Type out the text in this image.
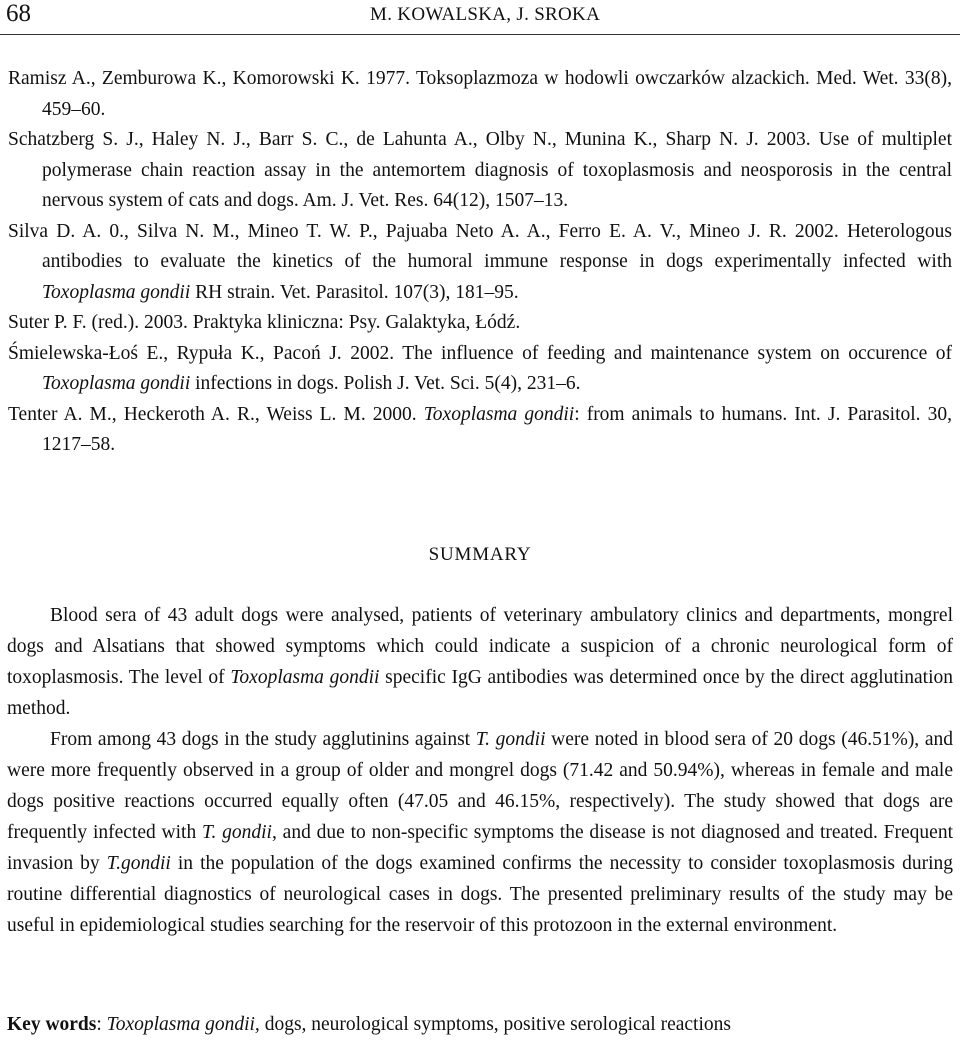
68	M. KOWALSKA, J. SROKA
Ramisz A., Zemburowa K., Komorowski K. 1977. Toksoplazmoza w hodowli owczarków alzackich. Med. Wet. 33(8), 459–60.
Schatzberg S. J., Haley N. J., Barr S. C., de Lahunta A., Olby N., Munina K., Sharp N. J. 2003. Use of multiplet polymerase chain reaction assay in the antemortem diagnosis of toxoplasmosis and neosporosis in the central nervous system of cats and dogs. Am. J. Vet. Res. 64(12), 1507–13.
Silva D. A. 0., Silva N. M., Mineo T. W. P., Pajuaba Neto A. A., Ferro E. A. V., Mineo J. R. 2002. Heterologous antibodies to evaluate the kinetics of the humoral immune response in dogs experimentally infected with Toxoplasma gondii RH strain. Vet. Parasitol. 107(3), 181–95.
Suter P. F. (red.). 2003. Praktyka kliniczna: Psy. Galaktyka, Łódź.
Śmielewska-Łoś E., Rypuła K., Pacoń J. 2002. The influence of feeding and maintenance system on occurence of Toxoplasma gondii infections in dogs. Polish J. Vet. Sci. 5(4), 231–6.
Tenter A. M., Heckeroth A. R., Weiss L. M. 2000. Toxoplasma gondii: from animals to humans. Int. J. Parasitol. 30, 1217–58.
SUMMARY

Blood sera of 43 adult dogs were analysed, patients of veterinary ambulatory clinics and departments, mongrel dogs and Alsatians that showed symptoms which could indicate a suspicion of a chronic neurological form of toxoplasmosis. The level of Toxoplasma gondii specific IgG antibodies was determined once by the direct agglutination method.

From among 43 dogs in the study agglutinins against T. gondii were noted in blood sera of 20 dogs (46.51%), and were more frequently observed in a group of older and mongrel dogs (71.42 and 50.94%), whereas in female and male dogs positive reactions occurred equally often (47.05 and 46.15%, respectively). The study showed that dogs are frequently infected with T. gondii, and due to non-specific symptoms the disease is not diagnosed and treated. Frequent invasion by T.gondii in the population of the dogs examined confirms the necessity to consider toxoplasmosis during routine differential diagnostics of neurological cases in dogs. The presented preliminary results of the study may be useful in epidemiological studies searching for the reservoir of this protozoon in the external environment.

Key words: Toxoplasma gondii, dogs, neurological symptoms, positive serological reactions
